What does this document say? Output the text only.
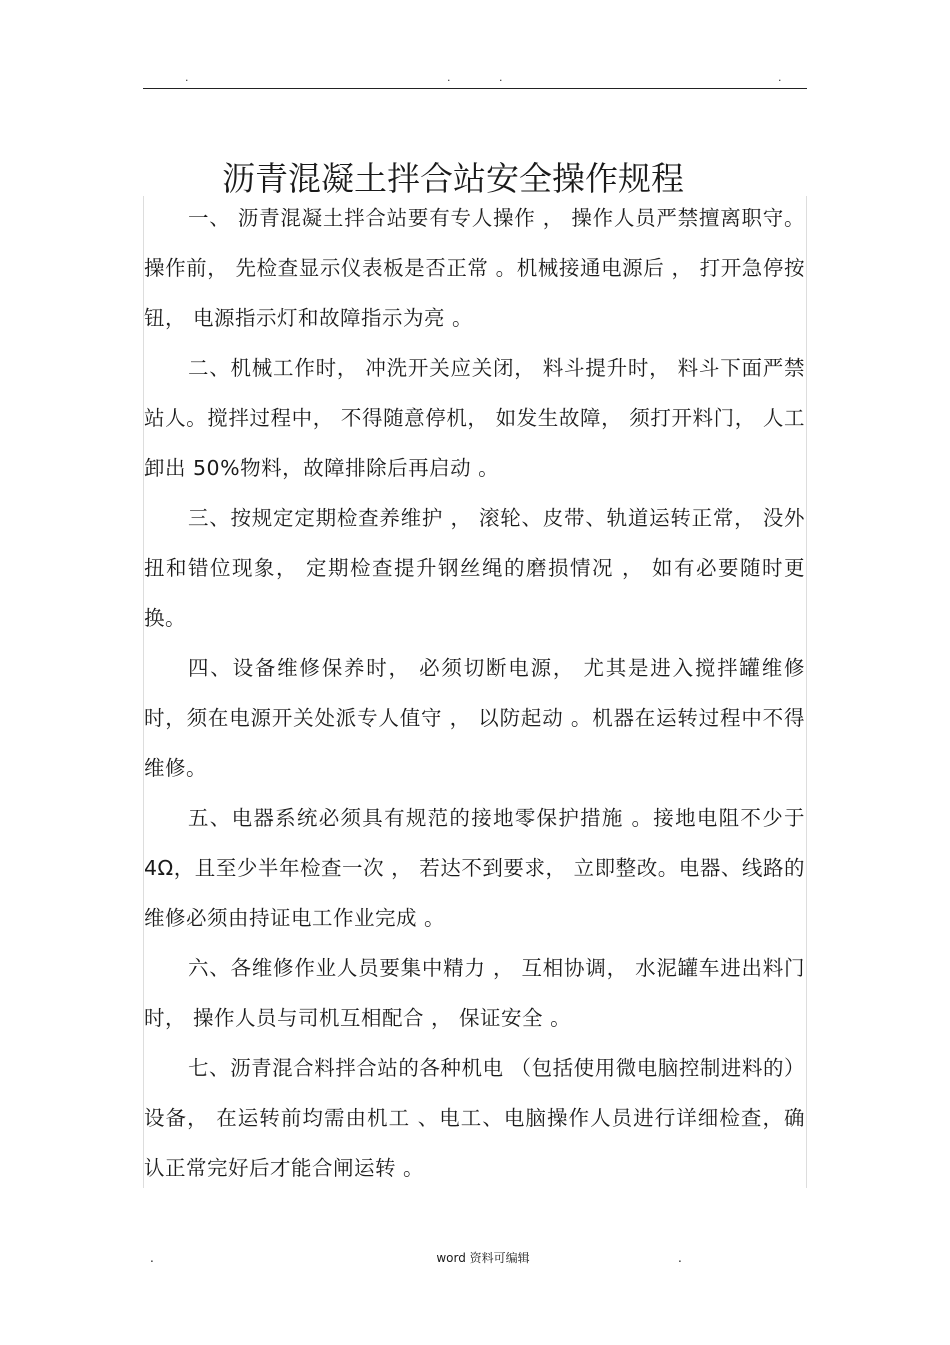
.	.	.	.
沥青混凝土拌合站安全操作规程

一、 沥青混凝土拌合站要有专人操作 ， 操作人员严禁擅离职守。操作前， 先检查显示仪表板是否正常 。机械接通电源后 ， 打开急停按钮， 电源指示灯和故障指示为亮 。

二、机械工作时， 冲洗开关应关闭， 料斗提升时， 料斗下面严禁站人。搅拌过程中， 不得随意停机， 如发生故障， 须打开料门， 人工卸出 50%物料，故障排除后再启动 。

三、按规定定期检查养维护 ， 滚轮、皮带、轨道运转正常， 没外扭和错位现象， 定期检查提升钢丝绳的磨损情况 ， 如有必要随时更换。

四、设备维修保养时， 必须切断电源， 尤其是进入搅拌罐维修时，须在电源开关处派专人值守 ， 以防起动 。机器在运转过程中不得维修。

五、电器系统必须具有规范的接地零保护措施 。接地电阻不少于 4Ω，且至少半年检查一次 ， 若达不到要求， 立即整改。电器、线路的维修必须由持证电工作业完成 。

六、各维修作业人员要集中精力 ， 互相协调， 水泥罐车进出料门时， 操作人员与司机互相配合 ， 保证安全 。

七、沥青混合料拌合站的各种机电 （包括使用微电脑控制进料的）设备， 在运转前均需由机工 、电工、电脑操作人员进行详细检查，确认正常完好后才能合闸运转 。

.	word 资料可编辑	.
